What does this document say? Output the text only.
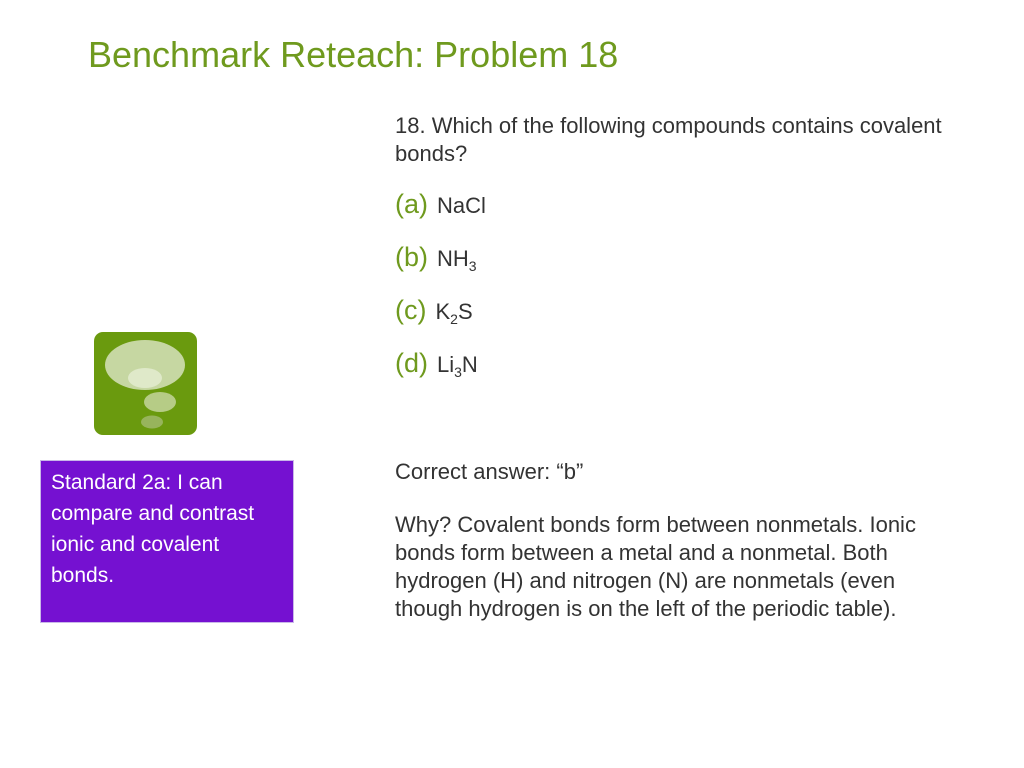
Benchmark Reteach: Problem 18
18. Which of the following compounds contains covalent bonds?
(a) NaCl
(b) $NH_3$
(c) $K_2S$
(d) $Li_3N$
Correct answer: “b”
Why? Covalent bonds form between nonmetals. Ionic bonds form between a metal and a nonmetal. Both hydrogen (H) and nitrogen (N) are nonmetals (even though hydrogen is on the left of the periodic table).
Standard 2a: I can compare and contrast ionic and covalent bonds.
